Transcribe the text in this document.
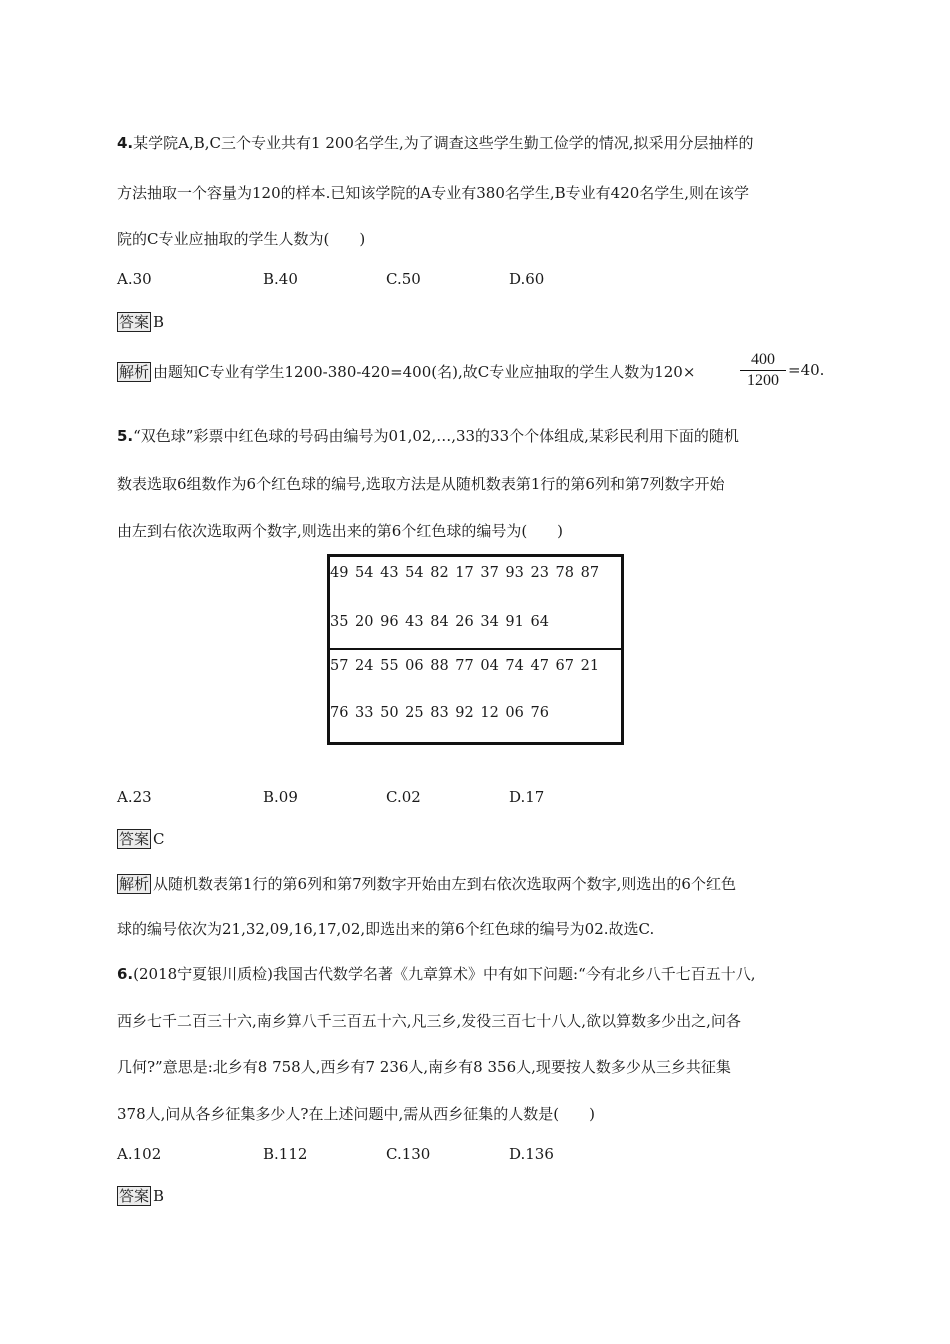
4.某学院A,B,C三个专业共有1 200名学生,为了调查这些学生勤工俭学的情况,拟采用分层抽样的
方法抽取一个容量为120的样本.已知该学院的A专业有380名学生,B专业有420名学生,则在该学
院的C专业应抽取的学生人数为(　　)
A.30	B.40	C.50	D.60
答案 B
解析 由题知C专业有学生1200-380-420=400(名),故C专业应抽取的学生人数为120×
400
1200
=40.
5.“双色球”彩票中红色球的号码由编号为01,02,…,33的33个个体组成,某彩民利用下面的随机
数表选取6组数作为6个红色球的编号,选取方法是从随机数表第1行的第6列和第7列数字开始
由左到右依次选取两个数字,则选出来的第6个红色球的编号为(　　)
49 54 43 54 82 17 37 93 23 78 87
35 20 96 43 84 26 34 91 64
57 24 55 06 88 77 04 74 47 67 21
76 33 50 25 83 92 12 06 76
A.23	B.09	C.02	D.17
答案 C
解析 从随机数表第1行的第6列和第7列数字开始由左到右依次选取两个数字,则选出的6个红色
球的编号依次为21,32,09,16,17,02,即选出来的第6个红色球的编号为02.故选C.
6.(2018宁夏银川质检)我国古代数学名著《九章算术》中有如下问题:“今有北乡八千七百五十八,
西乡七千二百三十六,南乡算八千三百五十六,凡三乡,发役三百七十八人,欲以算数多少出之,问各
几何?”意思是:北乡有8 758人,西乡有7 236人,南乡有8 356人,现要按人数多少从三乡共征集
378人,问从各乡征集多少人?在上述问题中,需从西乡征集的人数是(　　)
A.102	B.112	C.130	D.136
答案 B
